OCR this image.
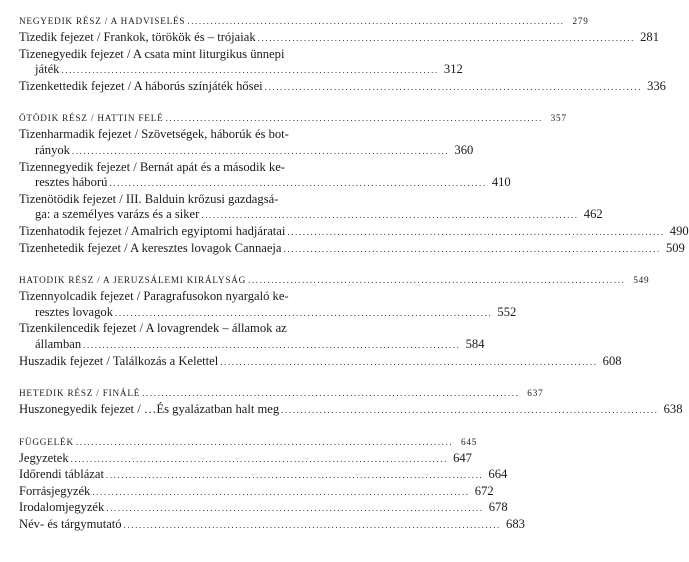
NEGYEDIK RÉSZ / A HADVISELÉS .................................................................................................. 279
Tizedik fejezet / Frankok, törökök és – trójaiak .................................................................................................. 281
Tizenegyedik fejezet / A csata mint liturgikus ünnepi
játék .................................................................................................. 312
Tizenkettedik fejezet / A háborús színjáték hősei .................................................................................................. 336
ÖTÖDIK RÉSZ / HATTIN FELÉ .................................................................................................. 357
Tizenharmadik fejezet / Szövetségek, háborúk és bot-
rányok .................................................................................................. 360
Tizennegyedik fejezet / Bernát apát és a második ke-
resztes háború .................................................................................................. 410
Tizenötödik fejezet / III. Balduin krőzusi gazdagsá-
ga: a személyes varázs és a siker .................................................................................................. 462
Tizenhatodik fejezet / Amalrich egyiptomi hadjáratai .................................................................................................. 490
Tizenhetedik fejezet / A keresztes lovagok Cannaeja .................................................................................................. 509
HATODIK RÉSZ / A JERUZSÁLEMI KIRÁLYSÁG .................................................................................................. 549
Tizennyolcadik fejezet / Paragrafusokon nyargaló ke-
resztes lovagok .................................................................................................. 552
Tizenkilencedik fejezet / A lovagrendek – államok az
államban .................................................................................................. 584
Huszadik fejezet / Találkozás a Kelettel .................................................................................................. 608
HETEDIK RÉSZ / FINÁLÉ .................................................................................................. 637
Huszonegyedik fejezet / …És gyalázatban halt meg .................................................................................................. 638
FÜGGELÉK .................................................................................................. 645
Jegyzetek .................................................................................................. 647
Időrendi táblázat .................................................................................................. 664
Forrásjegyzék .................................................................................................. 672
Irodalomjegyzék .................................................................................................. 678
Név- és tárgymutató .................................................................................................. 683
